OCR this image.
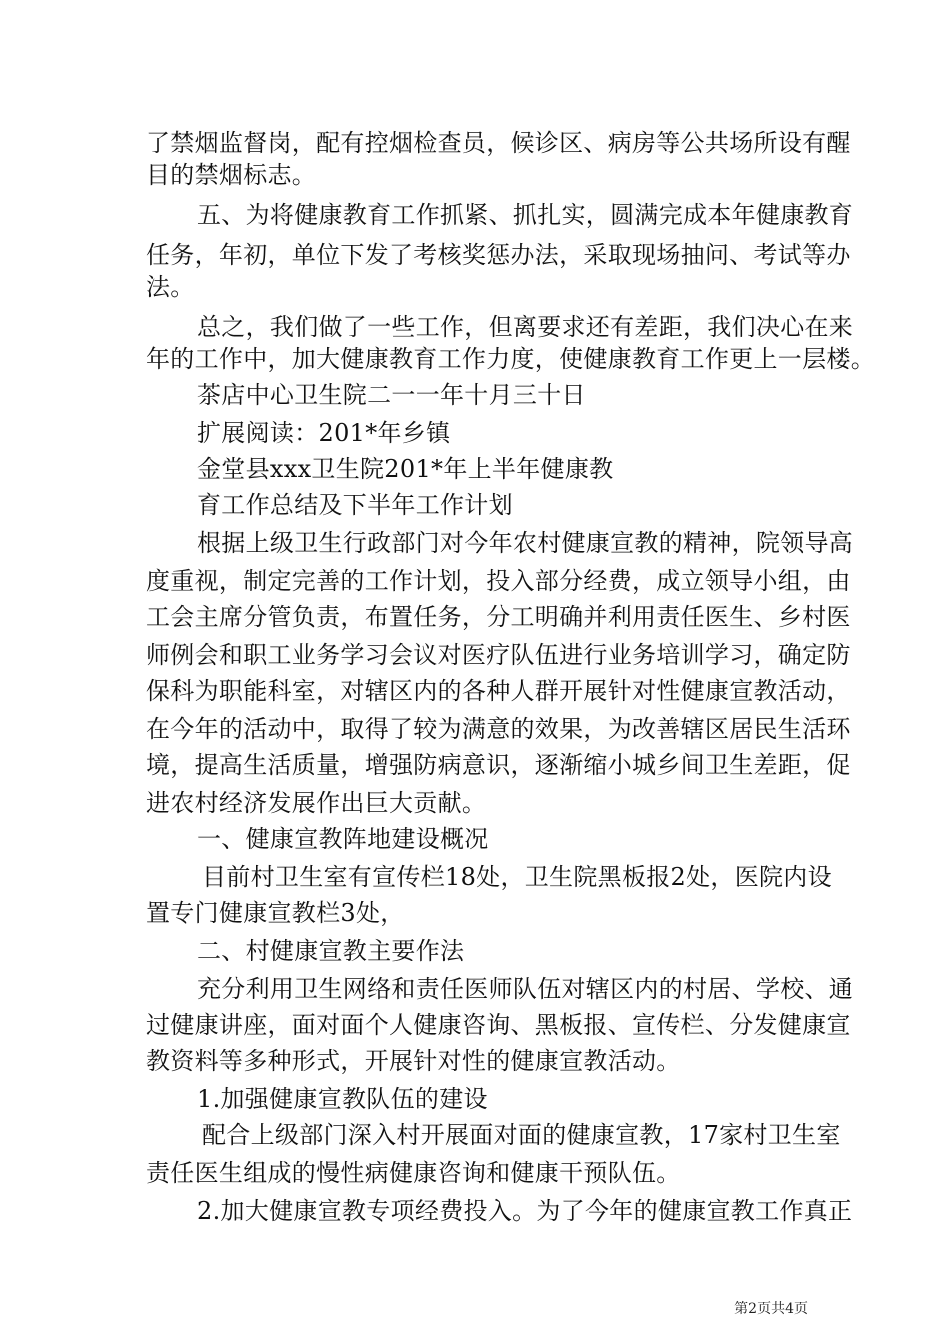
了禁烟监督岗，配有控烟检查员，候诊区、病房等公共场所设有醒
目的禁烟标志。
五、为将健康教育工作抓紧、抓扎实，圆满完成本年健康教育
任务，年初，单位下发了考核奖惩办法，采取现场抽问、考试等办
法。
总之，我们做了一些工作，但离要求还有差距，我们决心在来
年的工作中，加大健康教育工作力度，使健康教育工作更上一层楼。
茶店中心卫生院二一一年十月三十日
扩展阅读：201*年乡镇
金堂县xxx卫生院201*年上半年健康教
育工作总结及下半年工作计划
根据上级卫生行政部门对今年农村健康宣教的精神，院领导高
度重视，制定完善的工作计划，投入部分经费，成立领导小组，由
工会主席分管负责，布置任务，分工明确并利用责任医生、乡村医
师例会和职工业务学习会议对医疗队伍进行业务培训学习，确定防
保科为职能科室，对辖区内的各种人群开展针对性健康宣教活动，
在今年的活动中，取得了较为满意的效果，为改善辖区居民生活环
境，提高生活质量，增强防病意识，逐渐缩小城乡间卫生差距，促
进农村经济发展作出巨大贡献。
一、健康宣教阵地建设概况
目前村卫生室有宣传栏18处，卫生院黑板报2处，医院内设
置专门健康宣教栏3处，
二、村健康宣教主要作法
充分利用卫生网络和责任医师队伍对辖区内的村居、学校、通
过健康讲座，面对面个人健康咨询、黑板报、宣传栏、分发健康宣
教资料等多种形式，开展针对性的健康宣教活动。
1.加强健康宣教队伍的建设
配合上级部门深入村开展面对面的健康宣教，17家村卫生室
责任医生组成的慢性病健康咨询和健康干预队伍。
2.加大健康宣教专项经费投入。为了今年的健康宣教工作真正
第2页共4页
